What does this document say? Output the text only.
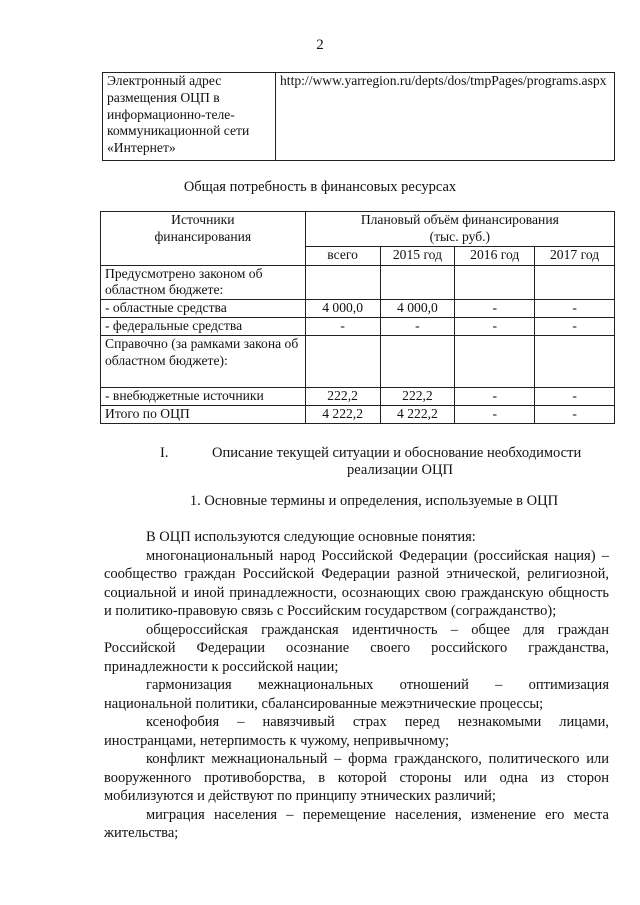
2
Электронный адрес размещения ОЦП в информационно-теле-коммуникационной сети «Интернет»	http://www.yarregion.ru/depts/dos/tmpPages/programs.aspx
Общая потребность в финансовых ресурсах
Источники финансирования	Плановый объём финансирования (тыс. руб.)			
	всего	2015 год	2016 год	2017 год
Предусмотрено законом об областном бюджете:				
- областные средства	4 000,0	4 000,0	-	-
- федеральные средства	-	-	-	-
Справочно (за рамками закона об областном бюджете):				
- внебюджетные источники	222,2	222,2	-	-
Итого по ОЦП	4 222,2	4 222,2	-	-
I.	Описание текущей ситуации и обоснование необходимости
реализации ОЦП
1. Основные термины и определения, используемые в ОЦП

В ОЦП используются следующие основные понятия:

многонациональный народ Российской Федерации (российская нация) – сообщество граждан Российской Федерации разной этнической, религиозной, социальной и иной принадлежности, осознающих свою гражданскую общность и политико-правовую связь с Российским государством (согражданство);

общероссийская гражданская идентичность – общее для граждан Российской Федерации осознание своего российского гражданства, принадлежности к российской нации;

гармонизация межнациональных отношений – оптимизация национальной политики, сбалансированные межэтнические процессы;

ксенофобия – навязчивый страх перед незнакомыми лицами, иностранцами, нетерпимость к чужому, непривычному;

конфликт межнациональный – форма гражданского, политического или вооруженного противоборства, в которой стороны или одна из сторон мобилизуются и действуют по принципу этнических различий;

миграция населения – перемещение населения, изменение его места жительства;
